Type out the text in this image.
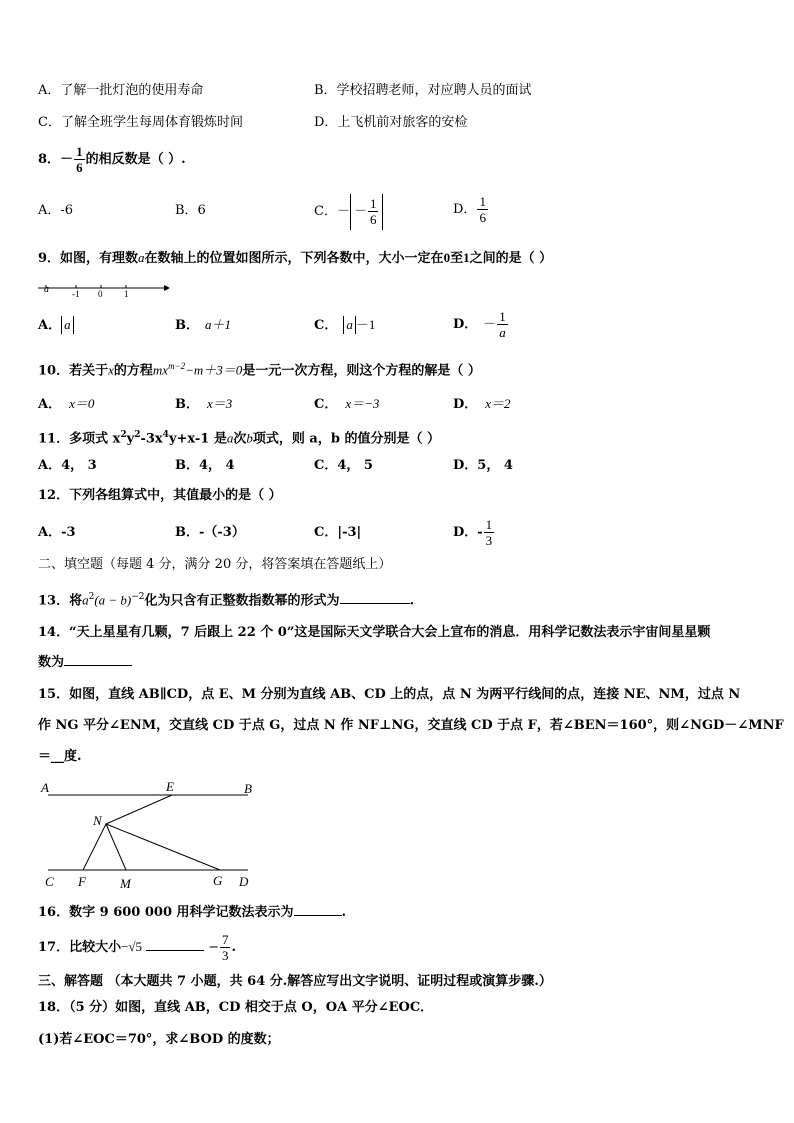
A．了解一批灯泡的使用寿命	B．学校招聘老师，对应聘人员的面试
C．了解全班学生每周体育锻炼时间	D．上飞机前对旅客的安检
8．－ $\frac{1}{6}$ 的相反数是（ ）.
A．-6	B．6	C．－ － $\frac{1}{6}$	D． $\frac{1}{6}$
9．如图，有理数a在数轴上的位置如图所示，下列各数中，大小一定在0至1之间的是（ ）
a	-1 0 1
A． a	B． a＋1	C． a －1	D． － $\frac{1}{a}$
10．若关于x的方程$mx^{m-2}-m+3=0$是一元一次方程，则这个方程的解是（ ）
A． x＝0	B． x＝3	C． x＝−3	D． x＝2
11．多项式 $x^2y^2-3x^4y+x-1$ 是a次b项式，则 a，b 的值分别是（ ）
A．4， 3	B．4， 4	C．4， 5	D．5， 4
12．下列各组算式中，其值最小的是（ ）
A．-3	B．-（-3）	C．|-3|	D．- $\frac{1}{3}$
二、填空题（每题 4 分，满分 20 分，将答案填在答题纸上）
13．将$a^2(a - b)^{-2}$化为只含有正整数指数幂的形式为	.
14．“天上星星有几颗，7 后跟上 22 个 0”这是国际天文学联合大会上宣布的消息．用科学记数法表示宇宙间星星颗
数为
15．如图，直线 AB∥CD，点 E、M 分别为直线 AB、CD 上的点，点 N 为两平行线间的点，连接 NE、NM，过点 N
作 NG 平分∠ENM，交直线 CD 于点 G，过点 N 作 NF⊥NG，交直线 CD 于点 F，若∠BEN＝160°，则∠NGD－∠MNF
＝__度.
A	E	B
N
C F	M	G D
16．数字 9 600 000 用科学记数法表示为	.
17．比较大小−√5	− $\frac{7}{3}$ .
三、解答题 （本大题共 7 小题，共 64 分.解答应写出文字说明、证明过程或演算步骤.）
18．（5 分）如图，直线 AB，CD 相交于点 O，OA 平分∠EOC．
(1)若∠EOC＝70°，求∠BOD 的度数；
